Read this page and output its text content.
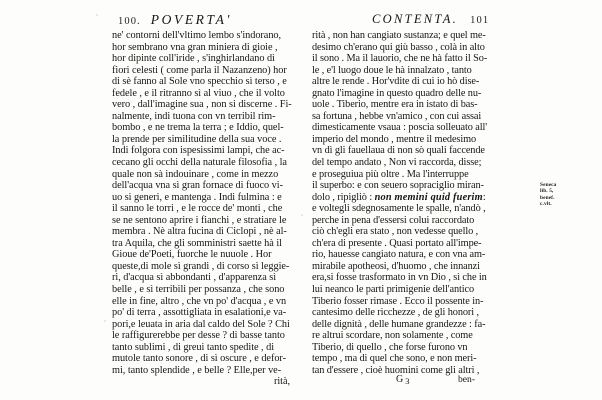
100. POVERTA'	CONTENTA. 101

ne' contorni dell'vltimo lembo s'indorano,

hor sembrano vna gran miniera di gioie ,

hor dipinte coll'iride , s'inghirlandano di

fiori celesti ( come parla il Nazanzeno) hor

di sè fanno al Sole vno specchio sì terso , e

fedele , e il ritranno sì al viuo , che il volto

vero , dall'imagine sua , non si discerne . Fi-

nalmente, indi tuona con vn terribil rim-

bombo , e ne trema la terra ; e Iddio, quel-

la prende per similitudine della sua voce .

Indi folgora con ispesissimi lampi, che ac-

cecano gli occhi della naturale filosofia , la

quale non sà indouinare , come in mezzo

dell'acqua vna sì gran fornace di fuoco vi-

uo si generi, e mantenga . Indi fulmina : e

il sanno le torri , e le rocce de' monti , che

se ne sentono aprire i fianchi , e stratiare le

membra . Nè altra fucina di Ciclopi , nè al-

tra Aquila, che gli somministri saette hà il

Gioue de'Poeti, fuorche le nuuole . Hor

queste,di mole sì grandi , di corso sì leggie-

ri, d'acqua sì abbondanti , d'apparenza sì

belle , e sì terribili per possanza , che sono

elle in fine, altro , che vn po' d'acqua , e vn

po' di terra , assottigliata in esalationi,e va-

pori,e leuata in aria dal caldo del Sole ? Chi

le raffigurerebbe per desse ? di basse tanto

tanto sublimi , di greui tanto spedite , di

mutole tanto sonore , di sì oscure , e defor-

mi, tanto splendide , e belle ? Elle,per ve-

rità,

rità , non han cangiato sustanza; e quel me-

desimo ch'erano qui giù basso , colà in alto

il sono . Ma il lauorio, che ne hà fatto il So-

le , e'l luogo doue le hà innalzato , tanto

altre le rende . Hor'vdite di cui io hò dise-

gnato l'imagine in questo quadro delle nu-

uole . Tiberio, mentre era in istato di bas-

sa fortuna , hebbe vn'amico , con cui assai

dimesticamente vsaua : poscia solleuato all'

imperio del mondo , mentre il medesimo

vn dì gli fauellaua di non sò quali faccende

del tempo andato , Non vi raccorda, disse;

e proseguiua più oltre . Ma l'interruppe

il superbo: e con seuero sopraciglio miran-

dolo , ripigliò : non memini quid fuerim:

e voltegli sdegnosamente le spalle, n'andò ,

perche in pena d'essersi colui raccordato

ciò ch'egli era stato , non vedesse quello ,

ch'era di presente . Quasi portato all'impe-

rio, hauesse cangiato natura, e con vna am-

mirabile apotheosi, d'huomo , che innanzi

era,si fosse trasformato in vn Dio , sì che in

lui neanco le parti primigenie dell'antico

Tiberio fosser rimase . Ecco il possente in-

cantesimo delle ricchezze , de gli honori ,

delle dignità , delle humane grandezze : fa-

re altrui scordare, non solamente , come

Tiberio, di quello , che forse furono vn

tempo , ma di quel che sono, e non meri-

tan d'essere , cioè huomini come gli altri ,

Seneca
lib. 5,
benef.
c.vlt.
$G_3$	ben-
